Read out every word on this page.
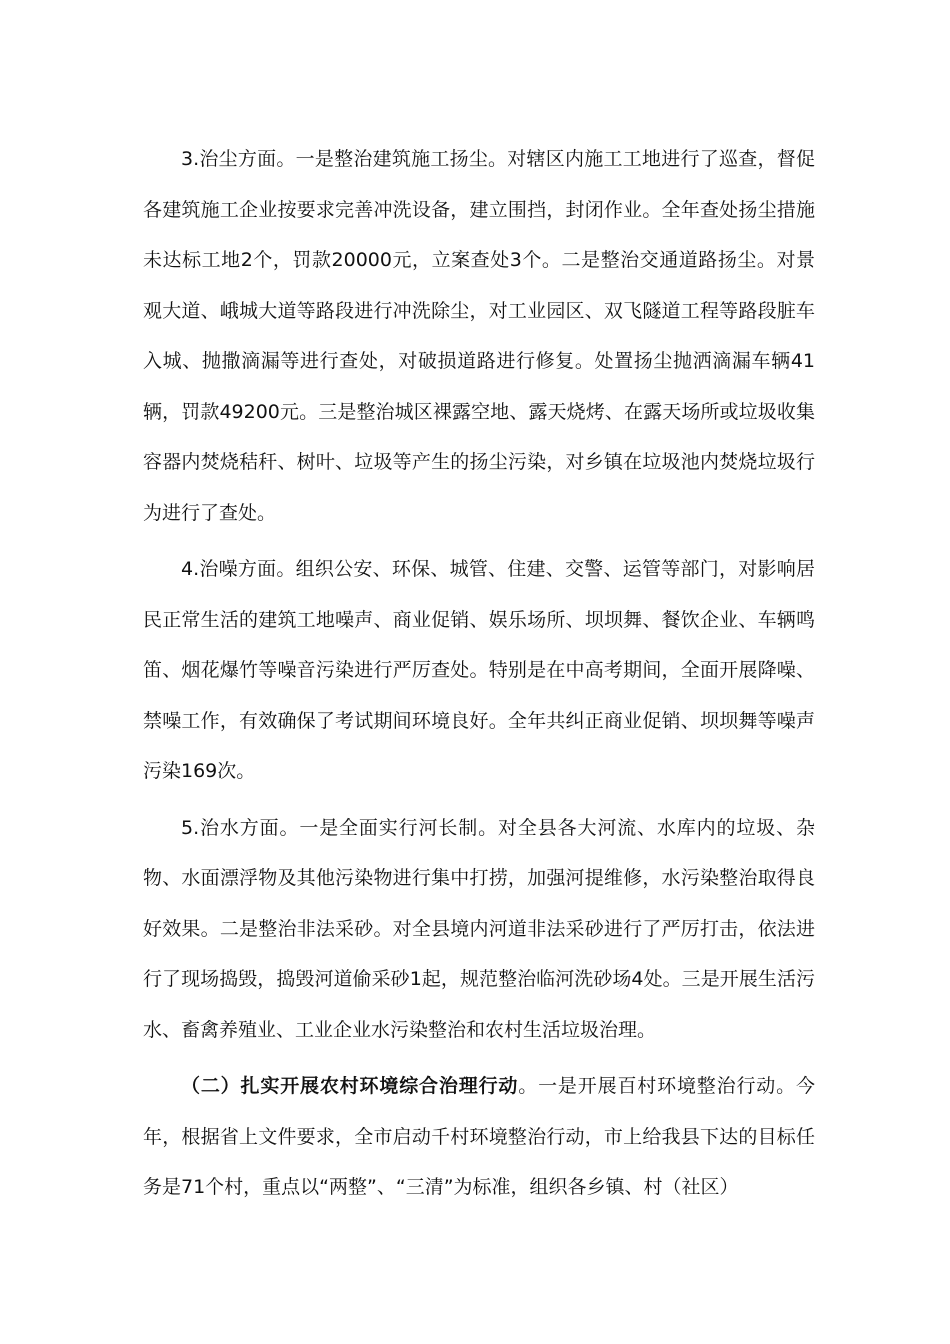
3.治尘方面。一是整治建筑施工扬尘。对辖区内施工工地进行了巡查，督促各建筑施工企业按要求完善冲洗设备，建立围挡，封闭作业。全年查处扬尘措施未达标工地2个，罚款20000元，立案查处3个。二是整治交通道路扬尘。对景观大道、峨城大道等路段进行冲洗除尘，对工业园区、双飞隧道工程等路段脏车入城、抛撒滴漏等进行查处，对破损道路进行修复。处置扬尘抛洒滴漏车辆41辆，罚款49200元。三是整治城区裸露空地、露天烧烤、在露天场所或垃圾收集容器内焚烧秸秆、树叶、垃圾等产生的扬尘污染，对乡镇在垃圾池内焚烧垃圾行为进行了查处。

4.治噪方面。组织公安、环保、城管、住建、交警、运管等部门，对影响居民正常生活的建筑工地噪声、商业促销、娱乐场所、坝坝舞、餐饮企业、车辆鸣笛、烟花爆竹等噪音污染进行严厉查处。特别是在中高考期间，全面开展降噪、禁噪工作，有效确保了考试期间环境良好。全年共纠正商业促销、坝坝舞等噪声污染169次。

5.治水方面。一是全面实行河长制。对全县各大河流、水库内的垃圾、杂物、水面漂浮物及其他污染物进行集中打捞，加强河提维修，水污染整治取得良好效果。二是整治非法采砂。对全县境内河道非法采砂进行了严厉打击，依法进行了现场捣毁，捣毁河道偷采砂1起，规范整治临河洗砂场4处。三是开展生活污水、畜禽养殖业、工业企业水污染整治和农村生活垃圾治理。

（二）扎实开展农村环境综合治理行动。一是开展百村环境整治行动。今年，根据省上文件要求，全市启动千村环境整治行动，市上给我县下达的目标任务是71个村，重点以“两整”、“三清”为标准，组织各乡镇、村（社区）
